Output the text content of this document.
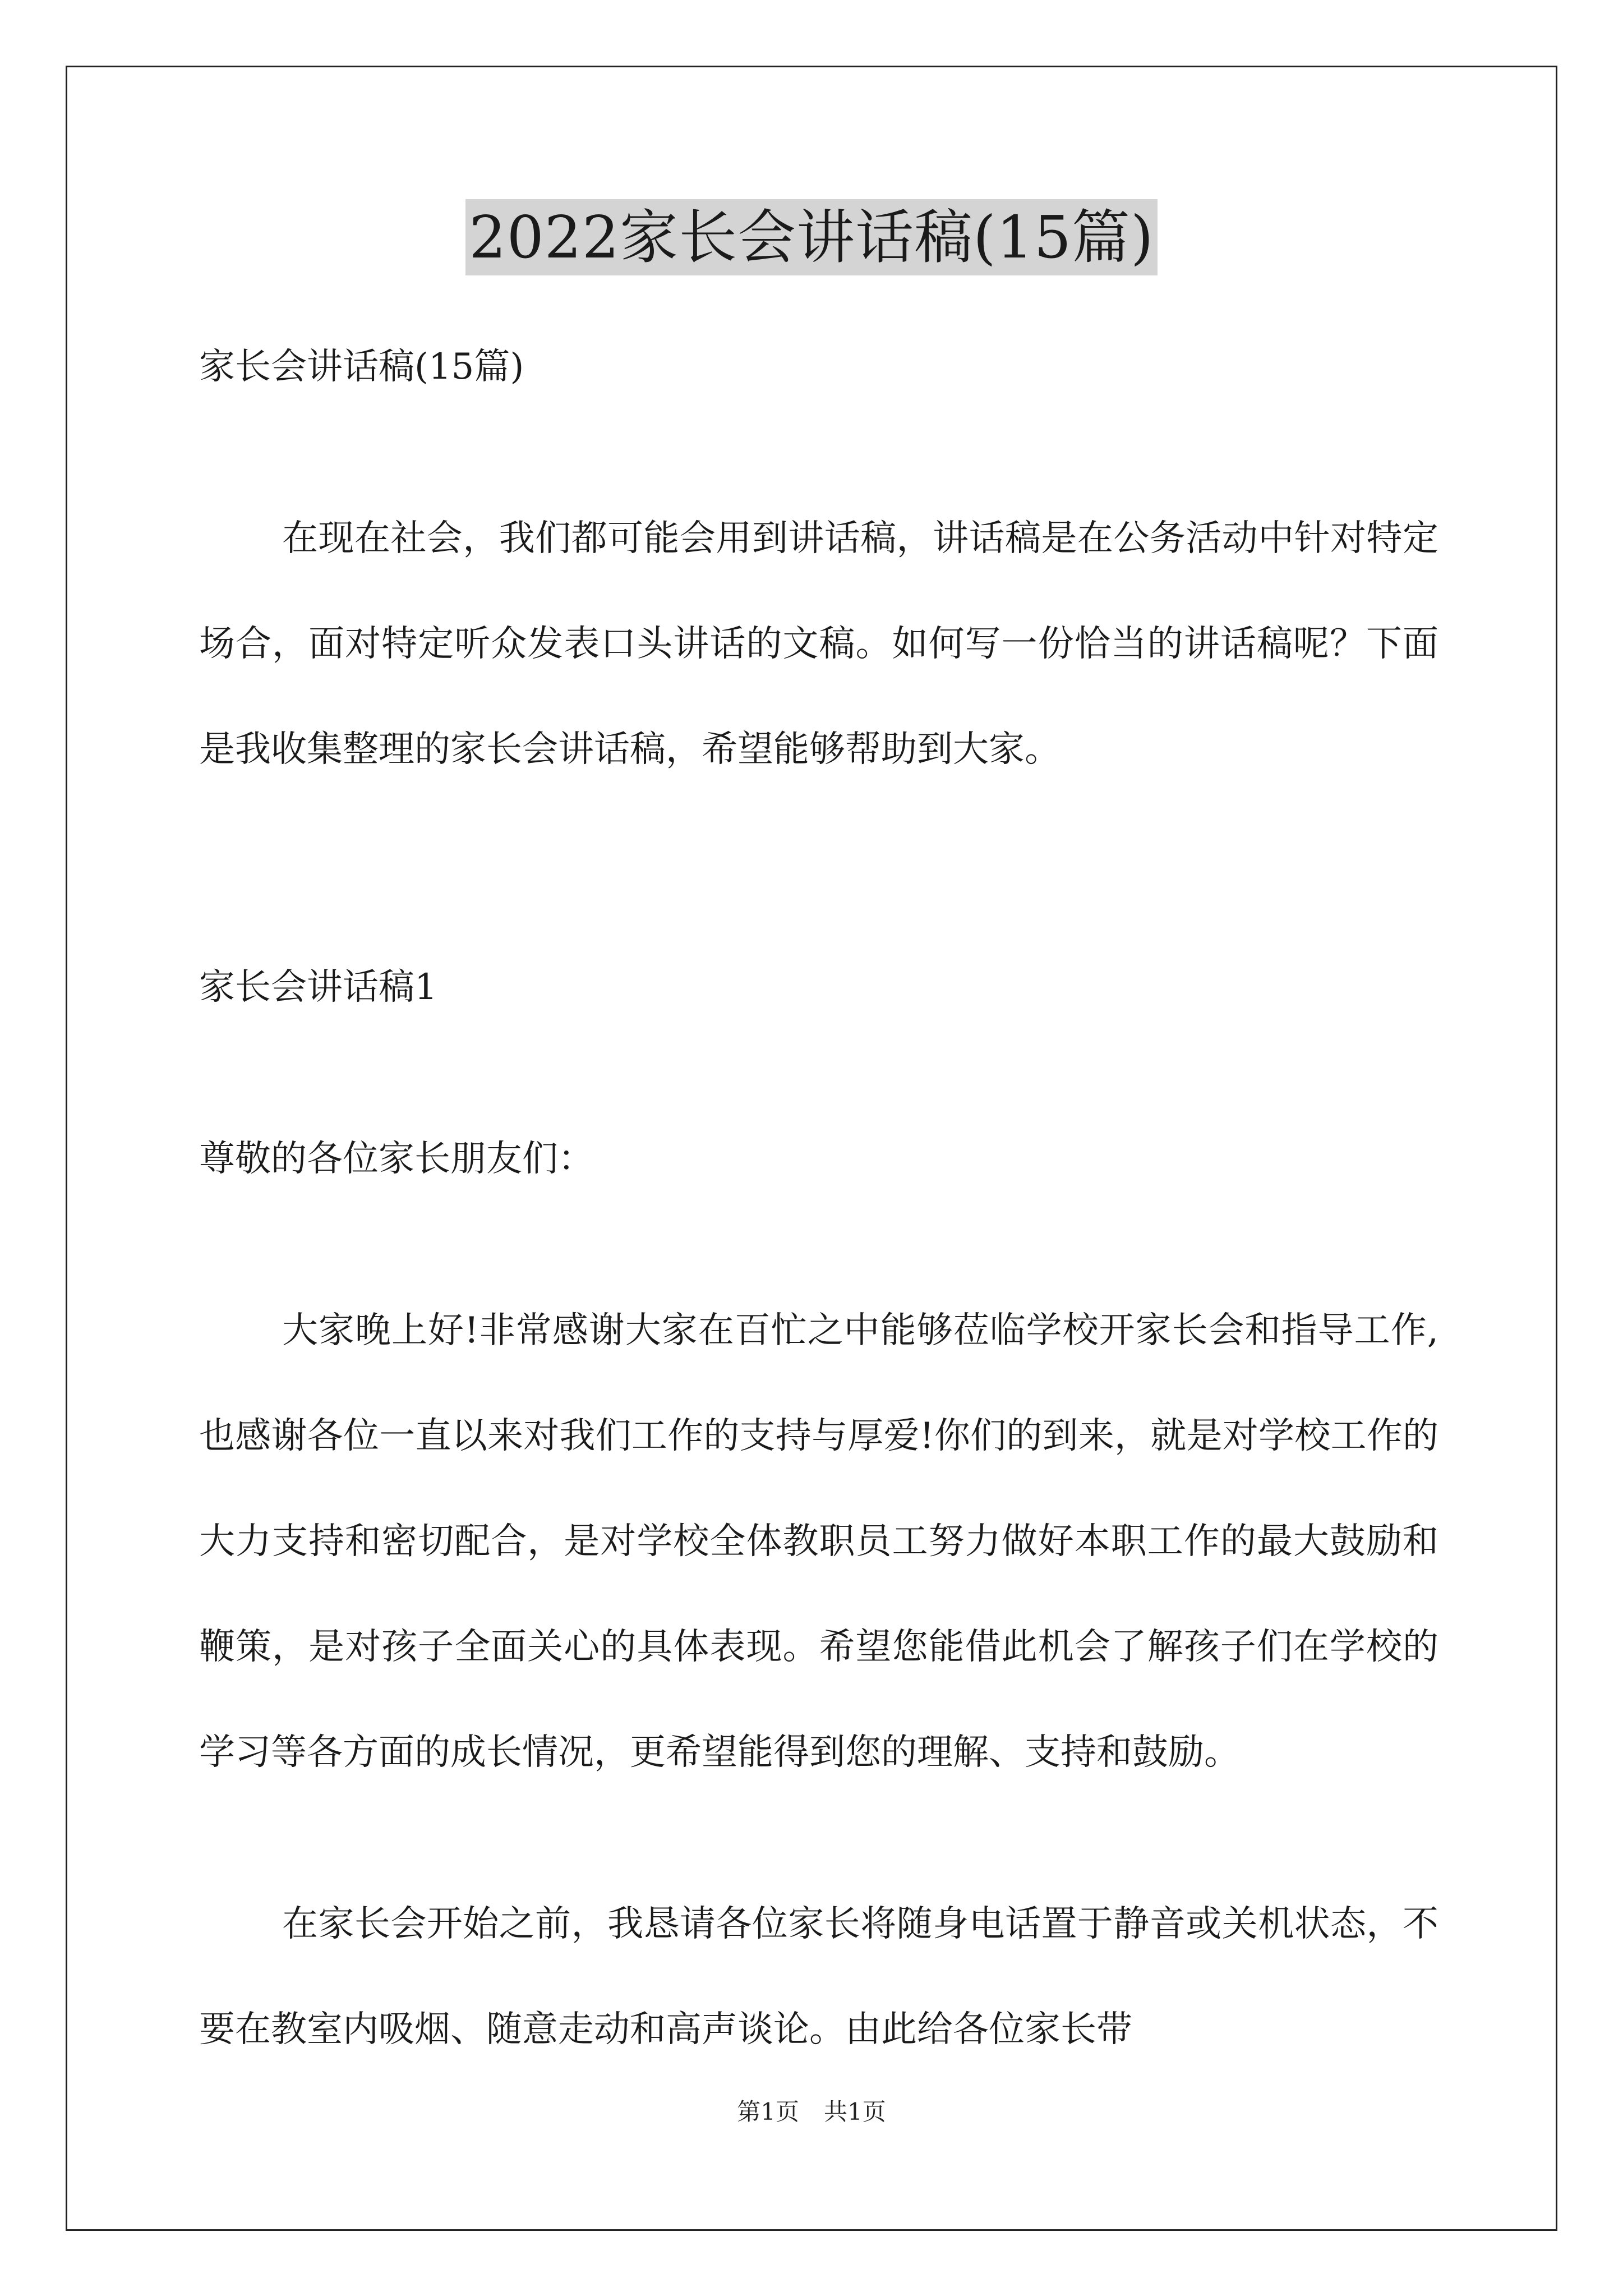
2022家长会讲话稿(15篇)

家长会讲话稿(15篇)

在现在社会，我们都可能会用到讲话稿，讲话稿是在公务活动中针对特定场合，面对特定听众发表口头讲话的文稿。如何写一份恰当的讲话稿呢？下面是我收集整理的家长会讲话稿，希望能够帮助到大家。

家长会讲话稿1

尊敬的各位家长朋友们：

大家晚上好!非常感谢大家在百忙之中能够莅临学校开家长会和指导工作,也感谢各位一直以来对我们工作的支持与厚爱!你们的到来，就是对学校工作的大力支持和密切配合，是对学校全体教职员工努力做好本职工作的最大鼓励和鞭策，是对孩子全面关心的具体表现。希望您能借此机会了解孩子们在学校的学习等各方面的成长情况，更希望能得到您的理解、支持和鼓励。

在家长会开始之前，我恳请各位家长将随身电话置于静音或关机状态，不要在教室内吸烟、随意走动和高声谈论。由此给各位家长带

第1页 共1页
